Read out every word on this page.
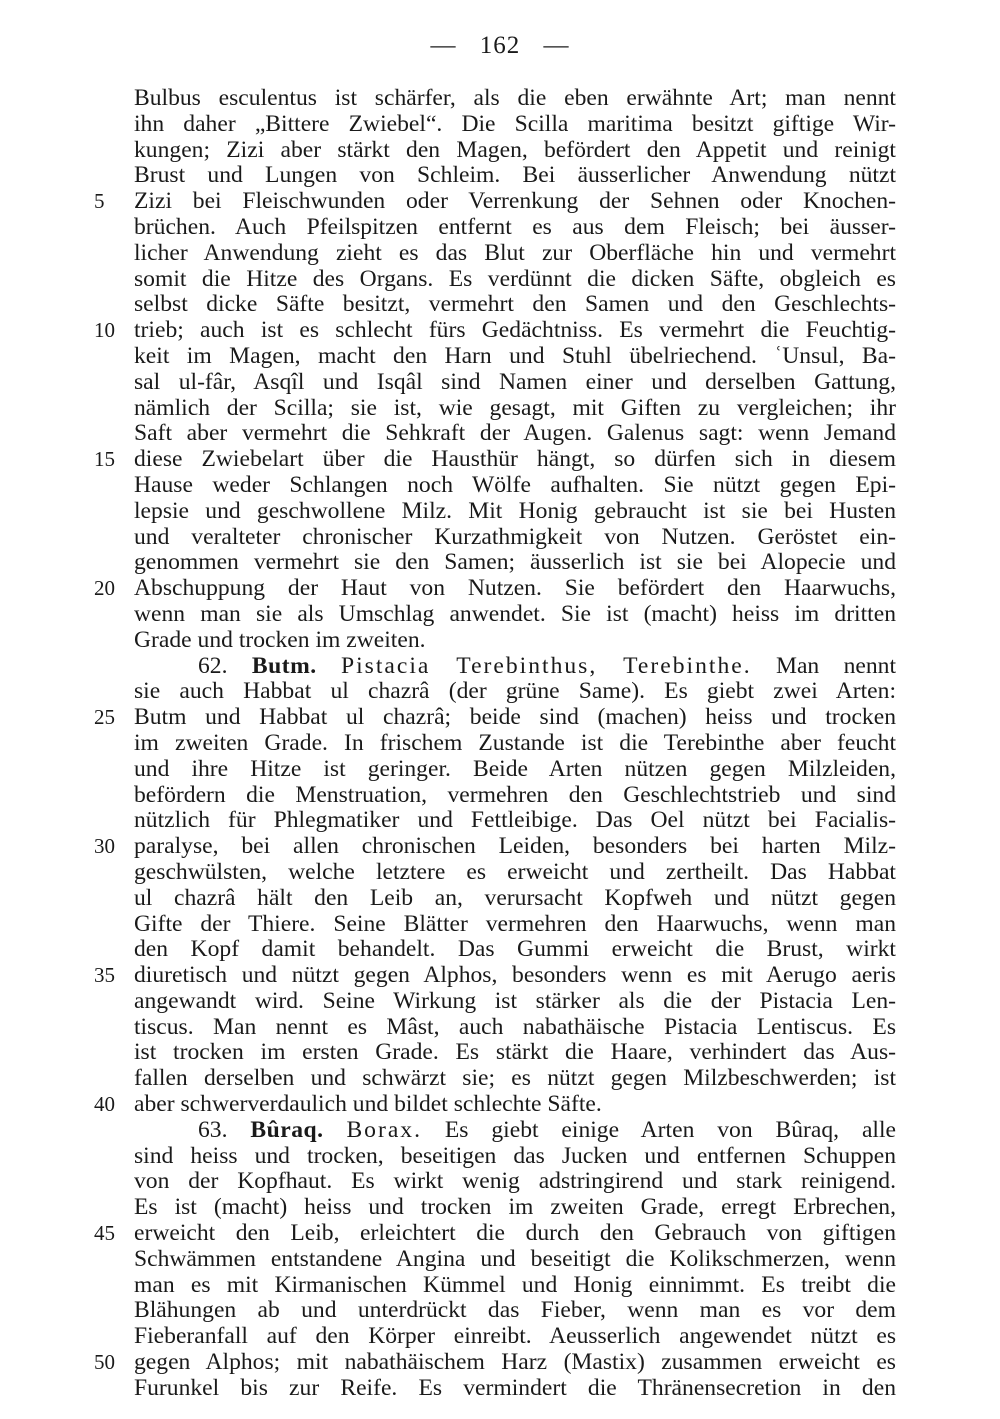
— 162 —
Bulbus esculentus ist schärfer, als die eben erwähnte Art; man nennt
ihn daher „Bittere Zwiebel“. Die Scilla maritima besitzt giftige Wir-
kungen; Zizi aber stärkt den Magen, befördert den Appetit und reinigt
Brust und Lungen von Schleim. Bei äusserlicher Anwendung nützt
5	Zizi bei Fleischwunden oder Verrenkung der Sehnen oder Knochen-
brüchen. Auch Pfeilspitzen entfernt es aus dem Fleisch; bei äusser-
licher Anwendung zieht es das Blut zur Oberfläche hin und vermehrt
somit die Hitze des Organs. Es verdünnt die dicken Säfte, obgleich es
selbst dicke Säfte besitzt, vermehrt den Samen und den Geschlechts-
10 trieb; auch ist es schlecht fürs Gedächtniss. Es vermehrt die Feuchtig-
keit im Magen, macht den Harn und Stuhl übelriechend. ʿUnsul, Ba-
sal ul-fâr, Asqîl und Isqâl sind Namen einer und derselben Gattung,
nämlich der Scilla; sie ist, wie gesagt, mit Giften zu vergleichen; ihr
Saft aber vermehrt die Sehkraft der Augen. Galenus sagt: wenn Jemand
15 diese Zwiebelart über die Hausthür hängt, so dürfen sich in diesem
Hause weder Schlangen noch Wölfe aufhalten. Sie nützt gegen Epi-
lepsie und geschwollene Milz. Mit Honig gebraucht ist sie bei Husten
und veralteter chronischer Kurzathmigkeit von Nutzen. Geröstet ein-
genommen vermehrt sie den Samen; äusserlich ist sie bei Alopecie und
20 Abschuppung der Haut von Nutzen. Sie befördert den Haarwuchs,
wenn man sie als Umschlag anwendet. Sie ist (macht) heiss im dritten
Grade und trocken im zweiten.
62. Butm. Pistacia Terebinthus, Terebinthe. Man nennt
sie auch Habbat ul chazrâ (der grüne Same). Es giebt zwei Arten:
25 Butm und Habbat ul chazrâ; beide sind (machen) heiss und trocken
im zweiten Grade. In frischem Zustande ist die Terebinthe aber feucht
und ihre Hitze ist geringer. Beide Arten nützen gegen Milzleiden,
befördern die Menstruation, vermehren den Geschlechtstrieb und sind
nützlich für Phlegmatiker und Fettleibige. Das Oel nützt bei Facialis-
30 paralyse, bei allen chronischen Leiden, besonders bei harten Milz-
geschwülsten, welche letztere es erweicht und zertheilt. Das Habbat
ul chazrâ hält den Leib an, verursacht Kopfweh und nützt gegen
Gifte der Thiere. Seine Blätter vermehren den Haarwuchs, wenn man
den Kopf damit behandelt. Das Gummi erweicht die Brust, wirkt
35 diuretisch und nützt gegen Alphos, besonders wenn es mit Aerugo aeris
angewandt wird. Seine Wirkung ist stärker als die der Pistacia Len-
tiscus. Man nennt es Mâst, auch nabathäische Pistacia Lentiscus. Es
ist trocken im ersten Grade. Es stärkt die Haare, verhindert das Aus-
fallen derselben und schwärzt sie; es nützt gegen Milzbeschwerden; ist
40 aber schwerverdaulich und bildet schlechte Säfte.
63. Bûraq. Borax. Es giebt einige Arten von Bûraq, alle
sind heiss und trocken, beseitigen das Jucken und entfernen Schuppen
von der Kopfhaut. Es wirkt wenig adstringirend und stark reinigend.
Es ist (macht) heiss und trocken im zweiten Grade, erregt Erbrechen,
45 erweicht den Leib, erleichtert die durch den Gebrauch von giftigen
Schwämmen entstandene Angina und beseitigt die Kolikschmerzen, wenn
man es mit Kirmanischen Kümmel und Honig einnimmt. Es treibt die
Blähungen ab und unterdrückt das Fieber, wenn man es vor dem
Fieberanfall auf den Körper einreibt. Aeusserlich angewendet nützt es
50 gegen Alphos; mit nabathäischem Harz (Mastix) zusammen erweicht es
Furunkel bis zur Reife. Es vermindert die Thränensecretion in den
